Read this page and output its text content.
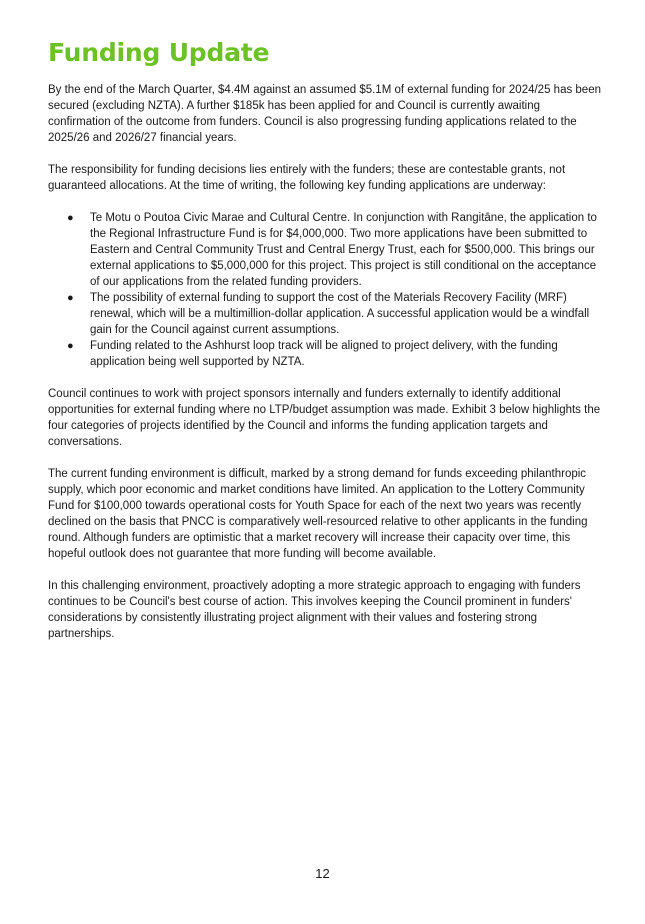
Funding Update

By the end of the March Quarter, $4.4M against an assumed $5.1M of external funding for 2024/25 has been secured (excluding NZTA). A further $185k has been applied for and Council is currently awaiting confirmation of the outcome from funders. Council is also progressing funding applications related to the 2025/26 and 2026/27 financial years.

The responsibility for funding decisions lies entirely with the funders; these are contestable grants, not guaranteed allocations. At the time of writing, the following key funding applications are underway:

● Te Motu o Poutoa Civic Marae and Cultural Centre. In conjunction with Rangitāne, the application to the Regional Infrastructure Fund is for $4,000,000. Two more applications have been submitted to Eastern and Central Community Trust and Central Energy Trust, each for $500,000. This brings our external applications to $5,000,000 for this project. This project is still conditional on the acceptance of our applications from the related funding providers.
● The possibility of external funding to support the cost of the Materials Recovery Facility (MRF) renewal, which will be a multimillion-dollar application. A successful application would be a windfall gain for the Council against current assumptions.
● Funding related to the Ashhurst loop track will be aligned to project delivery, with the funding application being well supported by NZTA.

Council continues to work with project sponsors internally and funders externally to identify additional opportunities for external funding where no LTP/budget assumption was made. Exhibit 3 below highlights the four categories of projects identified by the Council and informs the funding application targets and conversations.

The current funding environment is difficult, marked by a strong demand for funds exceeding philanthropic supply, which poor economic and market conditions have limited. An application to the Lottery Community Fund for $100,000 towards operational costs for Youth Space for each of the next two years was recently declined on the basis that PNCC is comparatively well-resourced relative to other applicants in the funding round. Although funders are optimistic that a market recovery will increase their capacity over time, this hopeful outlook does not guarantee that more funding will become available.

In this challenging environment, proactively adopting a more strategic approach to engaging with funders continues to be Council's best course of action. This involves keeping the Council prominent in funders' considerations by consistently illustrating project alignment with their values and fostering strong partnerships.

12
